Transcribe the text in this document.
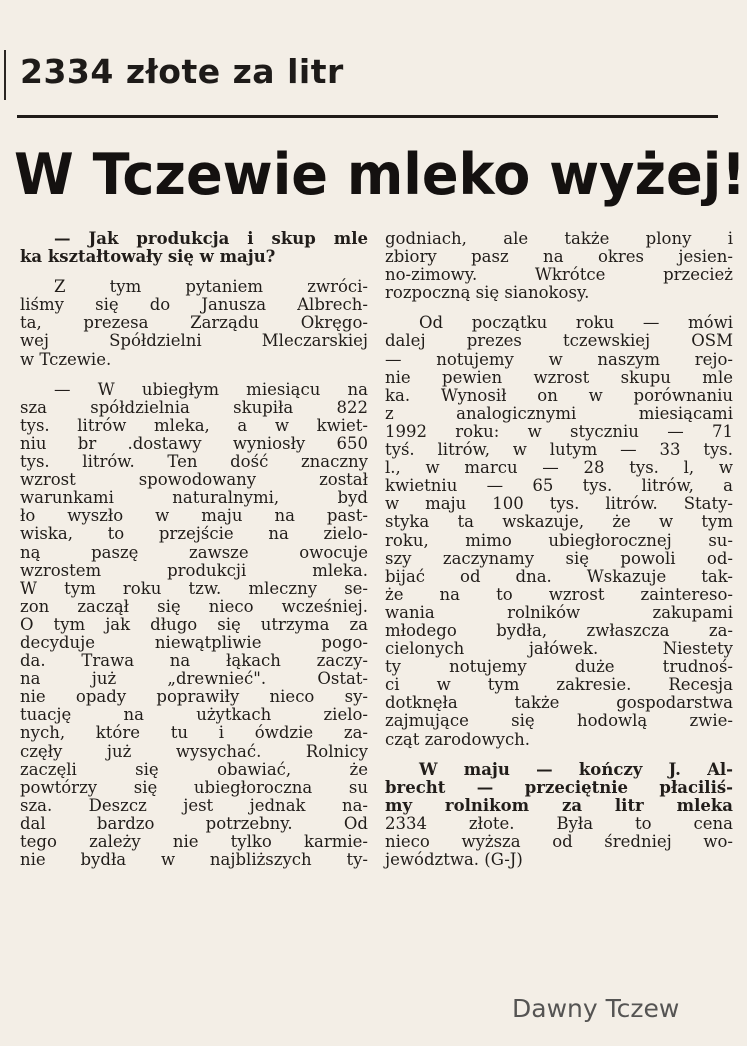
2334 złote za litr
W Tczewie mleko wyżej!
— Jak produkcja i skup mle
ka kształtowały się w maju?
Z tym pytaniem zwróci-
liśmy się do Janusza Albrech-
ta, prezesa Zarządu Okręgo-
wej Spółdzielni Mleczarskiej
w Tczewie.
— W ubiegłym miesiącu na
sza spółdzielnia skupiła 822
tys. litrów mleka, a w kwiet-
niu br .dostawy wyniosły 650
tys. litrów. Ten dość znaczny
wzrost spowodowany został
warunkami naturalnymi, byd
ło wyszło w maju na past-
wiska, to przejście na zielo-
ną paszę zawsze owocuje
wzrostem produkcji mleka.
W tym roku tzw. mleczny se-
zon zaczął się nieco wcześniej.
O tym jak długo się utrzyma za
decyduje niewątpliwie pogo-
da. Trawa na łąkach zaczy-
na już „drewnieć". Ostat-
nie opady poprawiły nieco sy-
tuację na użytkach zielo-
nych, które tu i ówdzie za-
częły już wysychać. Rolnicy
zaczęli się obawiać, że
powtórzy się ubiegłoroczna su
sza. Deszcz jest jednak na-
dal bardzo potrzebny. Od
tego zależy nie tylko karmie-
nie bydła w najbliższych ty-
godniach, ale także plony i
zbiory pasz na okres jesien-
no-zimowy. Wkrótce przecież
rozpoczną się sianokosy.
Od początku roku — mówi
dalej prezes tczewskiej OSM
— notujemy w naszym rejo-
nie pewien wzrost skupu mle
ka. Wynosił on w porównaniu
z analogicznymi miesiącami
1992 roku: w styczniu — 71
tyś. litrów, w lutym — 33 tys.
l., w marcu — 28 tys. l, w
kwietniu — 65 tys. litrów, a
w maju 100 tys. litrów. Staty-
styka ta wskazuje, że w tym
roku, mimo ubiegłorocznej su-
szy zaczynamy się powoli od-
bijać od dna. Wskazuje tak-
że na to wzrost zaintereso-
wania rolników zakupami
młodego bydła, zwłaszcza za-
cielonych jałówek. Niestety
ty notujemy duże trudnoś-
ci w tym zakresie. Recesja
dotknęła także gospodarstwa
zajmujące się hodowlą zwie-
cząt zarodowych.
W maju — kończy J. Al-
brecht — przeciętnie płaciliś-
my rolnikom za litr mleka
2334 złote. Była to cena
nieco wyższa od średniej wo-
jewództwa. (G-J)
Dawny Tczew
